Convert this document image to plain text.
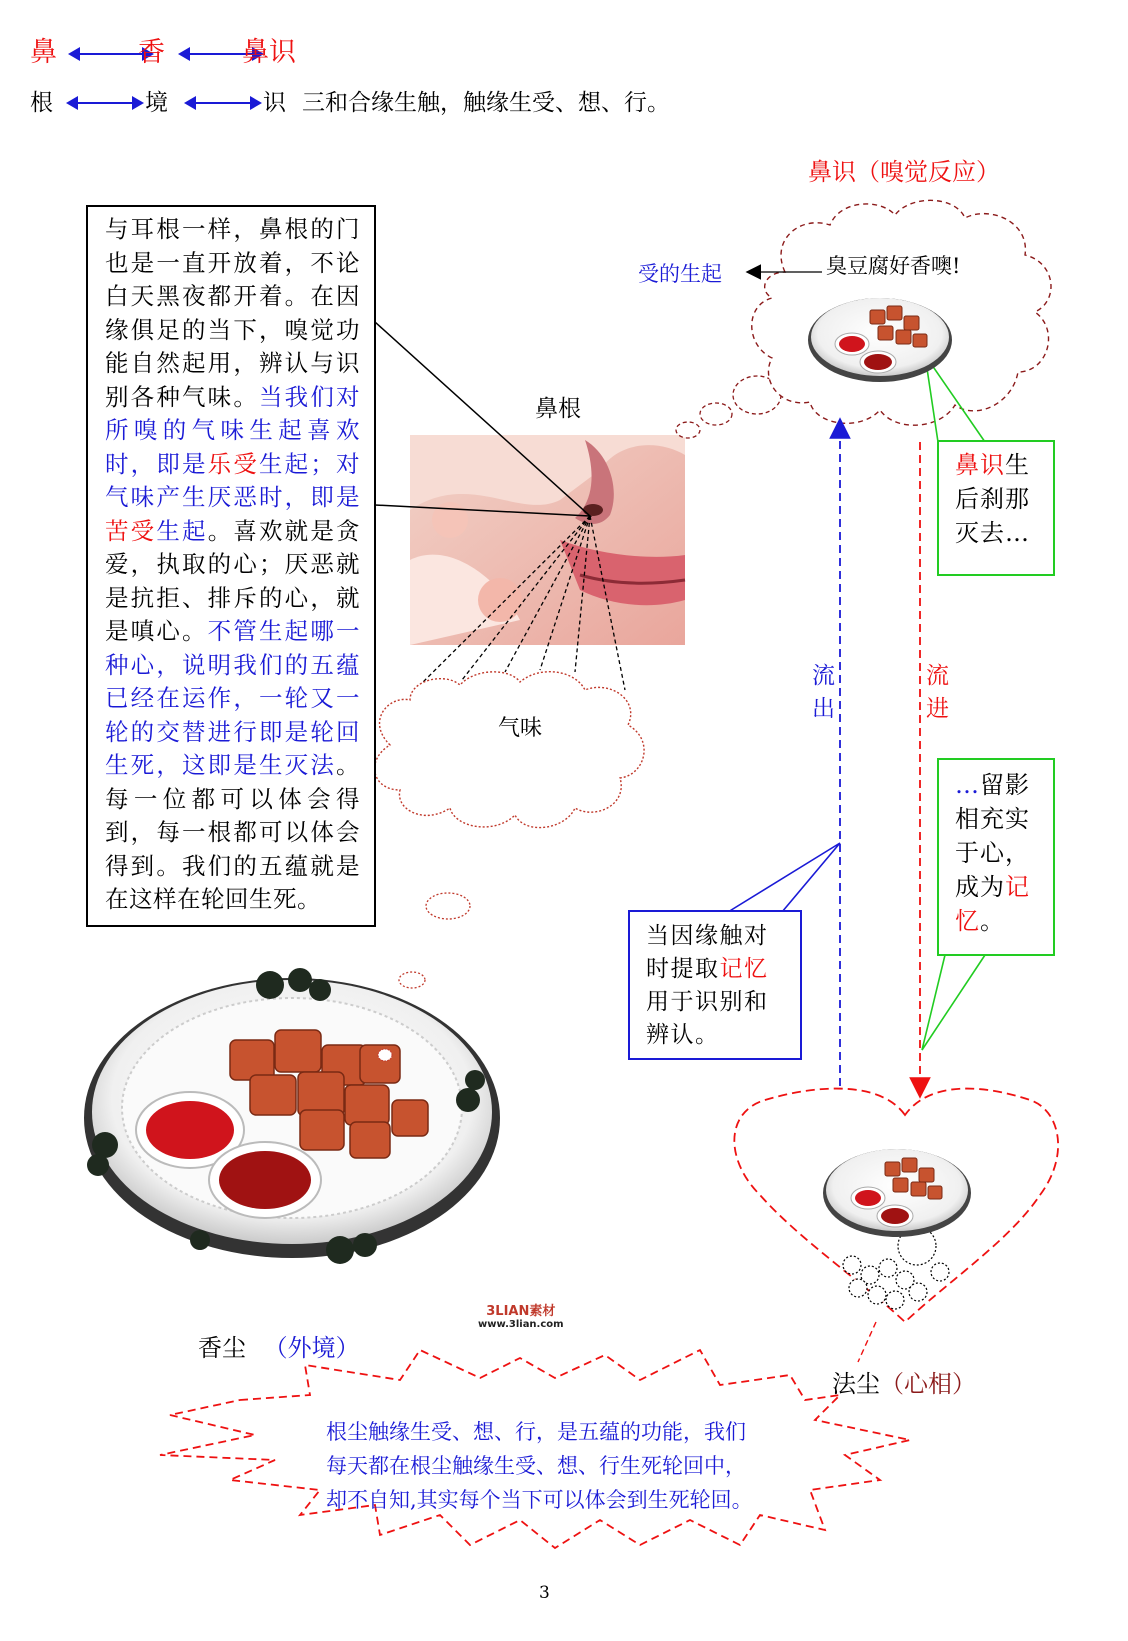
鼻	香	鼻识
根	境	识 三和合缘生触，触缘生受、想、行。
与耳根一样，鼻根的门也是一直开放着，不论白天黑夜都开着。在因缘俱足的当下，嗅觉功能自然起用，辨认与识别各种气味。当我们对所嗅的气味生起喜欢时，即是乐受生起；对气味产生厌恶时，即是苦受生起。喜欢就是贪爱，执取的心；厌恶就是抗拒、排斥的心，就是嗔心。不管生起哪一种心，说明我们的五蕴已经在运作，一轮又一轮的交替进行即是轮回生死，这即是生灭法。每一位都可以体会得到，每一根都可以体会得到。我们的五蕴就是在这样在轮回生死。
鼻根
气味
鼻识（嗅觉反应）
臭豆腐好香噢!
受的生起
流
出
流
进
鼻识生后刹那灭去…
…留影相充实于心，成为记忆。
当因缘触对时提取记忆用于识别和辨认。
香尘 （外境）
法尘（心相）
3LIAN素材
www.3lian.com
根尘触缘生受、想、行，是五蕴的功能，我们
每天都在根尘触缘生受、想、行生死轮回中，
却不自知,其实每个当下可以体会到生死轮回。
3
